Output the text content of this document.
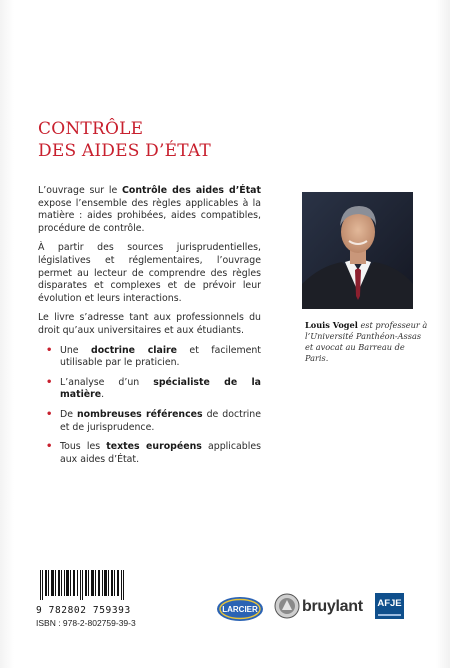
CONTRÔLE
DES AIDES D’ÉTAT

L’ouvrage sur le Contrôle des aides d’État expose l’ensemble des règles applicables à la matière : aides prohibées, aides compatibles, procédure de contrôle.

À partir des sources jurisprudentielles, législatives et réglementaires, l’ouvrage permet au lecteur de comprendre des règles disparates et complexes et de prévoir leur évolution et leurs interactions.

Le livre s’adresse tant aux professionnels du droit qu’aux universitaires et aux étudiants.

• Une doctrine claire et facilement utilisable par le praticien.
• L’analyse d’un spécialiste de la matière.
• De nombreuses références de doctrine et de jurisprudence.
• Tous les textes européens applicables aux aides d’État.
Louis Vogel est professeur à l’Université Panthéon-Assas et avocat au Barreau de Paris.
9 782802 759393
ISBN : 978-2-802759-39-3
LARCIER	bruylant AFJE
